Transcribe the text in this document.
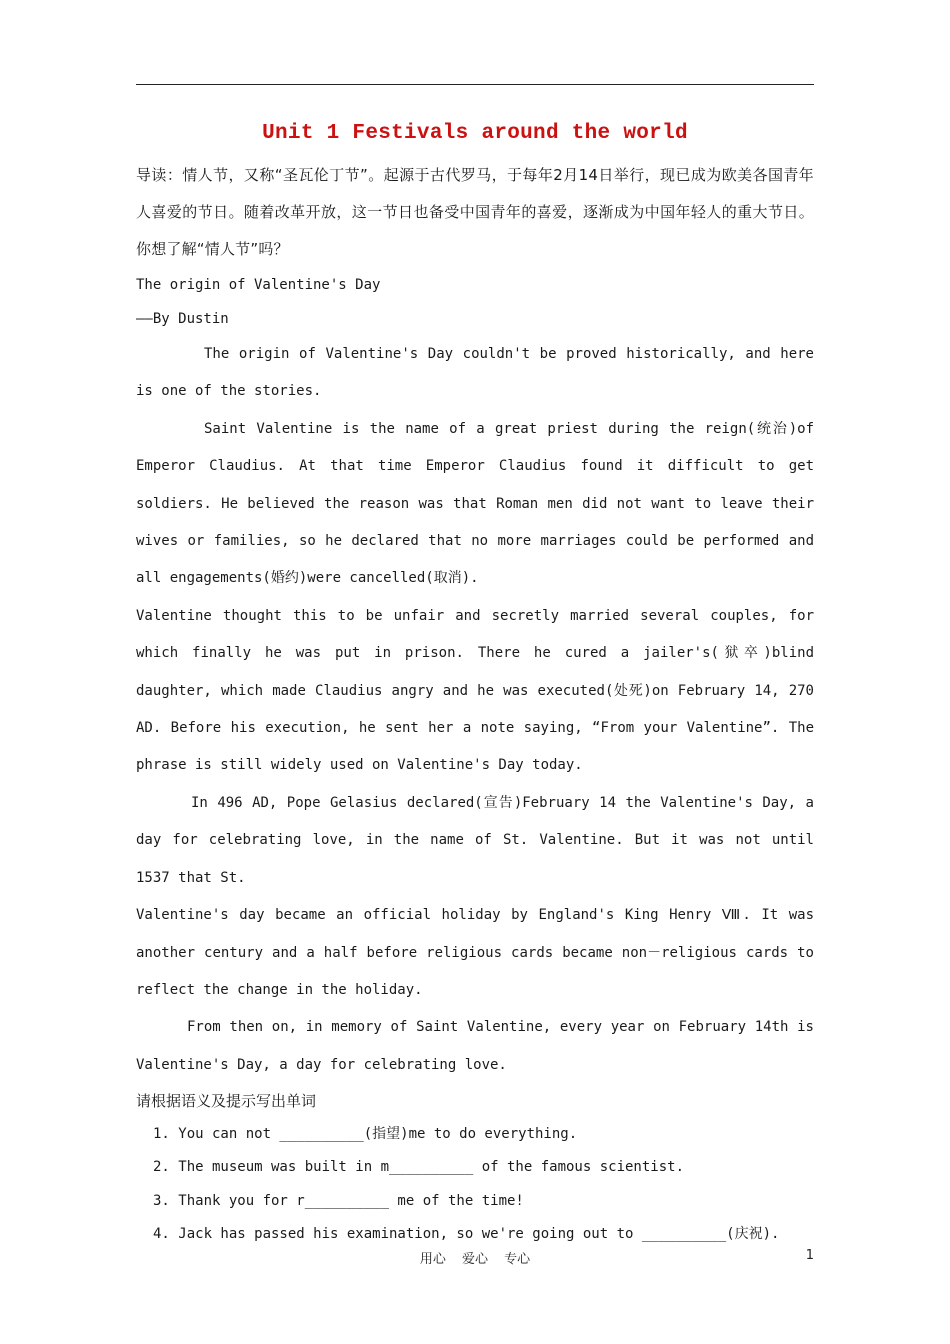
Unit 1 Festivals around the world

导读：情人节，又称“圣瓦伦丁节”。起源于古代罗马，于每年2月14日举行，现已成为欧美各国青年人喜爱的节日。随着改革开放，这一节日也备受中国青年的喜爱，逐渐成为中国年轻人的重大节日。你想了解“情人节”吗？

The origin of Valentine's Day

——By Dustin

The origin of Valentine's Day couldn't be proved historically, and here is one of the stories.

Saint Valentine is the name of a great priest during the reign(统治)of Emperor Claudius. At that time Emperor Claudius found it difficult to get soldiers. He believed the reason was that Roman men did not want to leave their wives or families, so he declared that no more marriages could be performed and all engagements(婚约)were cancelled(取消).

Valentine thought this to be unfair and secretly married several couples, for which finally he was put in prison. There he cured a jailer's(狱卒)blind daughter, which made Claudius angry and he was executed(处死)on February 14, 270 AD. Before his execution, he sent her a note saying, “From your Valentine”. The phrase is still widely used on Valentine's Day today.

In 496 AD, Pope Gelasius declared(宣告)February 14 the Valentine's Day, a day for celebrating love, in the name of St. Valentine. But it was not until 1537 that St.

Valentine's day became an official holiday by England's King Henry Ⅷ. It was another century and a half before religious cards became non－religious cards to reflect the change in the holiday.

From then on, in memory of Saint Valentine, every year on February 14th is Valentine's Day, a day for celebrating love.

请根据语义及提示写出单词

1. You can not __________(指望)me to do everything.

2. The museum was built in m__________ of the famous scientist.

3. Thank you for r__________ me of the time!

4. Jack has passed his examination, so we're going out to __________(庆祝).

用心 爱心 专心	1
